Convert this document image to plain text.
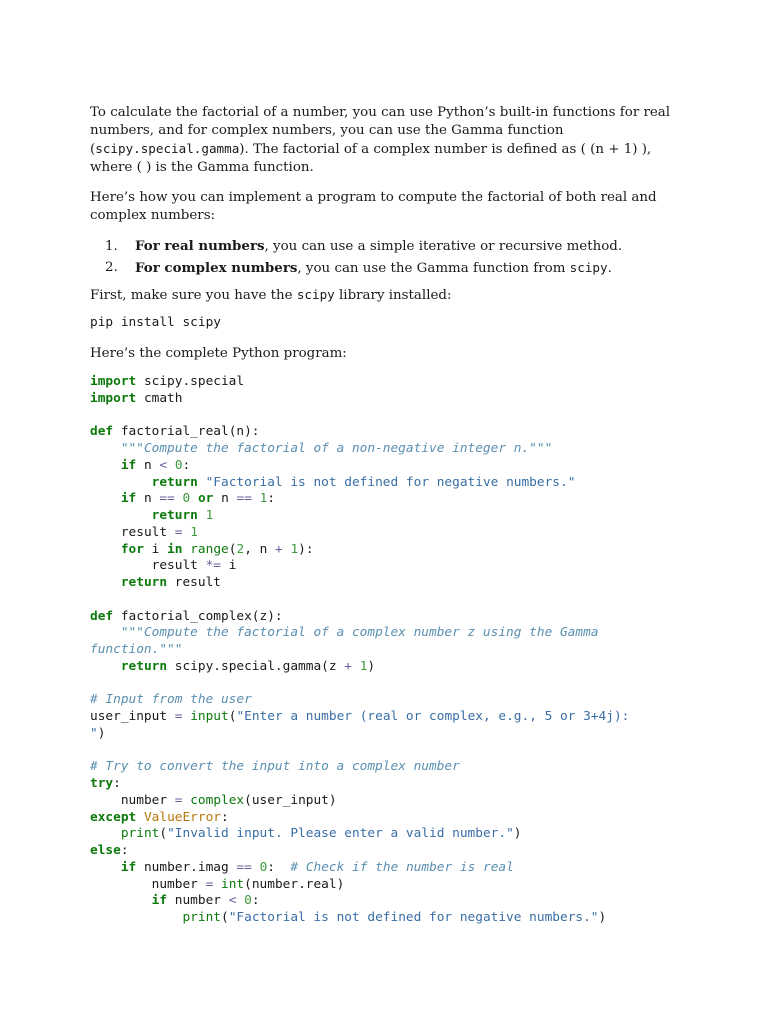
To calculate the factorial of a number, you can use Python’s built-in functions for real
numbers, and for complex numbers, you can use the Gamma function
(scipy.special.gamma). The factorial of a complex number is defined as ( (n + 1) ),
where ( ) is the Gamma function.

Here’s how you can implement a program to compute the factorial of both real and
complex numbers:

1. For real numbers, you can use a simple iterative or recursive method.
2. For complex numbers, you can use the Gamma function from scipy.

First, make sure you have the scipy library installed:

pip install scipy

Here’s the complete Python program:

import scipy.special
import cmath

def factorial_real(n):
"""Compute the factorial of a non-negative integer n."""
if n < 0:
return "Factorial is not defined for negative numbers."
if n == 0 or n == 1:
return 1
result = 1
for i in range(2, n + 1):
result *= i
return result

def factorial_complex(z):
"""Compute the factorial of a complex number z using the Gamma
function."""
return scipy.special.gamma(z + 1)

# Input from the user
user_input = input("Enter a number (real or complex, e.g., 5 or 3+4j):
")

# Try to convert the input into a complex number
try:
number = complex(user_input)
except ValueError:
print("Invalid input. Please enter a valid number.")
else:
if number.imag == 0:  # Check if the number is real
number = int(number.real)
if number < 0:
print("Factorial is not defined for negative numbers.")
